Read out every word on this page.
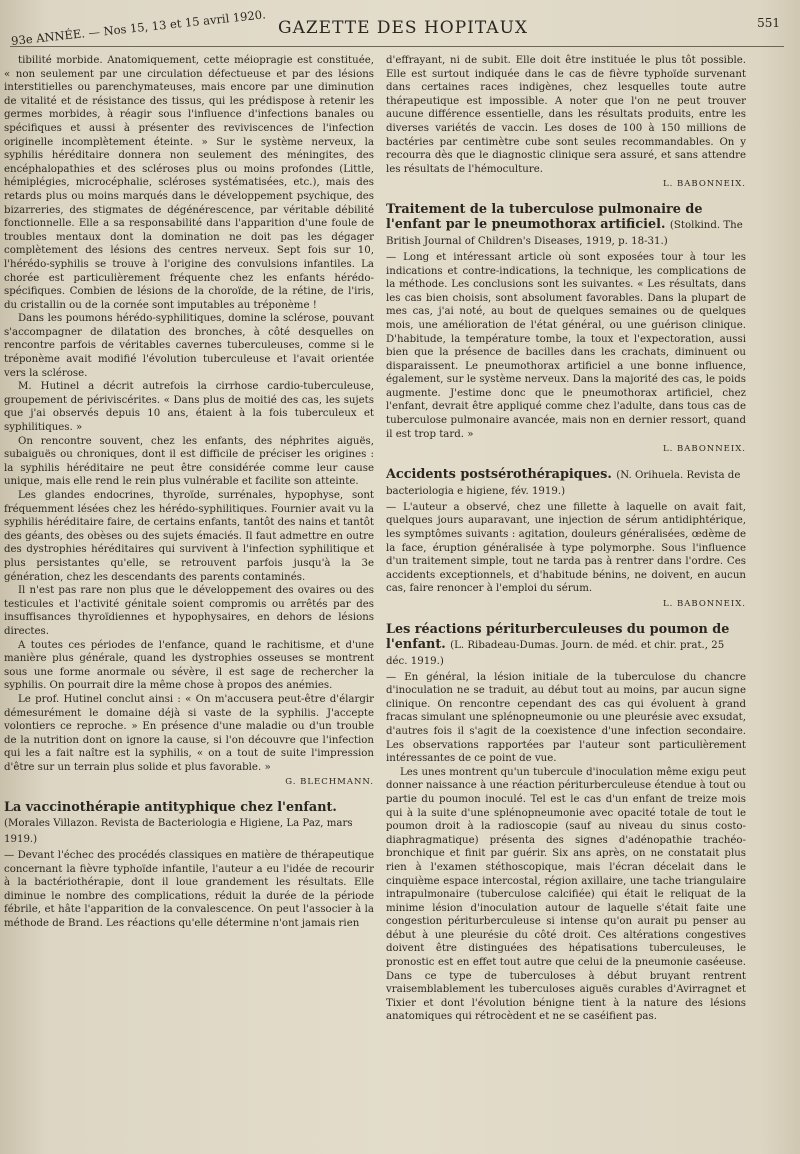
93e ANNÉE. — Nos 15, 13 et 15 avril 1920. GAZETTE DES HOPITAUX	551

tibilité morbide. Anatomiquement, cette méiopragie est constituée, « non seulement par une circulation défectueuse et par des lésions interstitielles ou parenchymateuses, mais encore par une diminution de vitalité et de résistance des tissus, qui les prédispose à retenir les germes morbides, à réagir sous l'influence d'infections banales ou spécifiques et aussi à présenter des reviviscences de l'infection originelle incomplètement éteinte. » Sur le système nerveux, la syphilis héréditaire donnera non seulement des méningites, des encéphalopathies et des scléroses plus ou moins profondes (Little, hémiplégies, microcéphalie, scléroses systématisées, etc.), mais des retards plus ou moins marqués dans le développement psychique, des bizarreries, des stigmates de dégénérescence, par véritable débilité fonctionnelle. Elle a sa responsabilité dans l'apparition d'une foule de troubles mentaux dont la domination ne doit pas les dégager complètement des lésions des centres nerveux. Sept fois sur 10, l'hérédo-syphilis se trouve à l'origine des convulsions infantiles. La chorée est particulièrement fréquente chez les enfants hérédo-spécifiques. Combien de lésions de la choroïde, de la rétine, de l'iris, du cristallin ou de la cornée sont imputables au tréponème !

Dans les poumons hérédo-syphilitiques, domine la sclérose, pouvant s'accompagner de dilatation des bronches, à côté desquelles on rencontre parfois de véritables cavernes tuberculeuses, comme si le tréponème avait modifié l'évolution tuberculeuse et l'avait orientée vers la sclérose.

M. Hutinel a décrit autrefois la cirrhose cardio-tuberculeuse, groupement de périviscérites. « Dans plus de moitié des cas, les sujets que j'ai observés depuis 10 ans, étaient à la fois tuberculeux et syphilitiques. »

On rencontre souvent, chez les enfants, des néphrites aiguës, subaiguës ou chroniques, dont il est difficile de préciser les origines : la syphilis héréditaire ne peut être considérée comme leur cause unique, mais elle rend le rein plus vulnérable et facilite son atteinte.

Les glandes endocrines, thyroïde, surrénales, hypophyse, sont fréquemment lésées chez les hérédo-syphilitiques. Fournier avait vu la syphilis héréditaire faire, de certains enfants, tantôt des nains et tantôt des géants, des obèses ou des sujets émaciés. Il faut admettre en outre des dystrophies héréditaires qui survivent à l'infection syphilitique et plus persistantes qu'elle, se retrouvent parfois jusqu'à la 3e génération, chez les descendants des parents contaminés.

Il n'est pas rare non plus que le développement des ovaires ou des testicules et l'activité génitale soient compromis ou arrêtés par des insuffisances thyroïdiennes et hypophysaires, en dehors de lésions directes.

A toutes ces périodes de l'enfance, quand le rachitisme, et d'une manière plus générale, quand les dystrophies osseuses se montrent sous une forme anormale ou sévère, il est sage de rechercher la syphilis. On pourrait dire la même chose à propos des anémies.

Le prof. Hutinel conclut ainsi : « On m'accusera peut-être d'élargir démesurément le domaine déjà si vaste de la syphilis. J'accepte volontiers ce reproche. » En présence d'une maladie ou d'un trouble de la nutrition dont on ignore la cause, si l'on découvre que l'infection qui les a fait naître est la syphilis, « on a tout de suite l'impression d'être sur un terrain plus solide et plus favorable. »

G. BLECHMANN.

La vaccinothérapie antityphique chez l'enfant. (Morales Villazon. Revista de Bacteriologia e Higiene, La Paz, mars 1919.)

— Devant l'échec des procédés classiques en matière de thérapeutique concernant la fièvre typhoïde infantile, l'auteur a eu l'idée de recourir à la bactériothérapie, dont il loue grandement les résultats. Elle diminue le nombre des complications, réduit la durée de la période fébrile, et hâte l'apparition de la convalescence. On peut l'associer à la méthode de Brand. Les réactions qu'elle détermine n'ont jamais rien

d'effrayant, ni de subit. Elle doit être instituée le plus tôt possible. Elle est surtout indiquée dans le cas de fièvre typhoïde survenant dans certaines races indigènes, chez lesquelles toute autre thérapeutique est impossible. A noter que l'on ne peut trouver aucune différence essentielle, dans les résultats produits, entre les diverses variétés de vaccin. Les doses de 100 à 150 millions de bactéries par centimètre cube sont seules recommandables. On y recourra dès que le diagnostic clinique sera assuré, et sans attendre les résultats de l'hémoculture.

L. BABONNEIX.

Traitement de la tuberculose pulmonaire de l'enfant par le pneumothorax artificiel. (Stolkind. The British Journal of Children's Diseases, 1919, p. 18-31.)

— Long et intéressant article où sont exposées tour à tour les indications et contre-indications, la technique, les complications de la méthode. Les conclusions sont les suivantes. « Les résultats, dans les cas bien choisis, sont absolument favorables. Dans la plupart de mes cas, j'ai noté, au bout de quelques semaines ou de quelques mois, une amélioration de l'état général, ou une guérison clinique. D'habitude, la température tombe, la toux et l'expectoration, aussi bien que la présence de bacilles dans les crachats, diminuent ou disparaissent. Le pneumothorax artificiel a une bonne influence, également, sur le système nerveux. Dans la majorité des cas, le poids augmente. J'estime donc que le pneumothorax artificiel, chez l'enfant, devrait être appliqué comme chez l'adulte, dans tous cas de tuberculose pulmonaire avancée, mais non en dernier ressort, quand il est trop tard. »

L. BABONNEIX.

Accidents postsérothérapiques. (N. Orihuela. Revista de bacteriologia e higiene, fév. 1919.)

— L'auteur a observé, chez une fillette à laquelle on avait fait, quelques jours auparavant, une injection de sérum antidiphtérique, les symptômes suivants : agitation, douleurs généralisées, œdème de la face, éruption généralisée à type polymorphe. Sous l'influence d'un traitement simple, tout ne tarda pas à rentrer dans l'ordre. Ces accidents exceptionnels, et d'habitude bénins, ne doivent, en aucun cas, faire renoncer à l'emploi du sérum.

L. BABONNEIX.

Les réactions périturberculeuses du poumon de l'enfant. (L. Ribadeau-Dumas. Journ. de méd. et chir. prat., 25 déc. 1919.)

— En général, la lésion initiale de la tuberculose du chancre d'inoculation ne se traduit, au début tout au moins, par aucun signe clinique. On rencontre cependant des cas qui évoluent à grand fracas simulant une splénopneumonie ou une pleurésie avec exsudat, d'autres fois il s'agit de la coexistence d'une infection secondaire. Les observations rapportées par l'auteur sont particulièrement intéressantes de ce point de vue.

Les unes montrent qu'un tubercule d'inoculation même exigu peut donner naissance à une réaction périturberculeuse étendue à tout ou partie du poumon inoculé. Tel est le cas d'un enfant de treize mois qui à la suite d'une splénopneumonie avec opacité totale de tout le poumon droit à la radioscopie (sauf au niveau du sinus costo-diaphragmatique) présenta des signes d'adénopathie trachéo-bronchique et finit par guérir. Six ans après, on ne constatait plus rien à l'examen stéthoscopique, mais l'écran décelait dans le cinquième espace intercostal, région axillaire, une tache triangulaire intrapulmonaire (tuberculose calcifiée) qui était le reliquat de la minime lésion d'inoculation autour de laquelle s'était faite une congestion périturberculeuse si intense qu'on aurait pu penser au début à une pleurésie du côté droit. Ces altérations congestives doivent être distinguées des hépatisations tuberculeuses, le pronostic est en effet tout autre que celui de la pneumonie caséeuse. Dans ce type de tuberculoses à début bruyant rentrent vraisemblablement les tuberculoses aiguës curables d'Avirragnet et Tixier et dont l'évolution bénigne tient à la nature des lésions anatomiques qui rétrocèdent et ne se caséifient pas.
